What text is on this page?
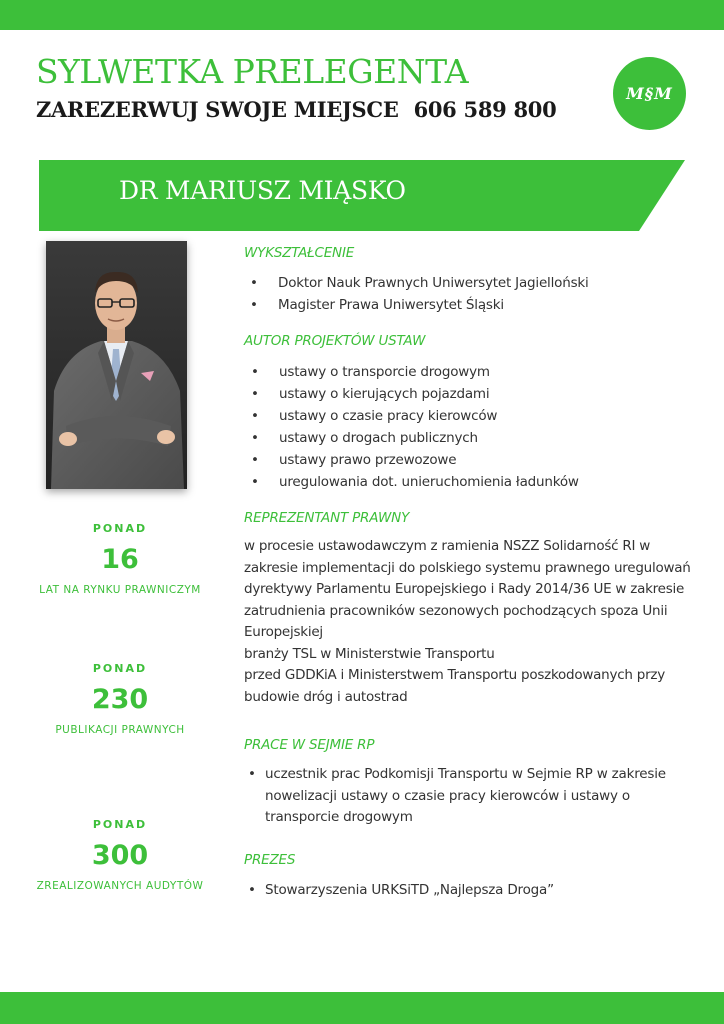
SYLWETKA PRELEGENTA
ZAREZERWUJ SWOJE MIEJSCE 606 589 800
M§M
DR MARIUSZ MIĄSKO
PONAD
16
LAT NA RYNKU PRAWNICZYM
PONAD
230
PUBLIKACJI PRAWNYCH
PONAD
300
ZREALIZOWANYCH AUDYTÓW
WYKSZTAŁCENIE
• Doktor Nauk Prawnych Uniwersytet Jagielloński
• Magister Prawa Uniwersytet Śląski
AUTOR PROJEKTÓW USTAW
• ustawy o transporcie drogowym
• ustawy o kierujących pojazdami
• ustawy o czasie pracy kierowców
• ustawy o drogach publicznych
• ustawy prawo przewozowe
• uregulowania dot. unieruchomienia ładunków
REPREZENTANT PRAWNY
w procesie ustawodawczym z ramienia NSZZ Solidarność RI w
zakresie implementacji do polskiego systemu prawnego uregulowań
dyrektywy Parlamentu Europejskiego i Rady 2014/36 UE w zakresie
zatrudnienia pracowników sezonowych pochodzących spoza Unii
Europejskiej
branży TSL w Ministerstwie Transportu
przed GDDKiA i Ministerstwem Transportu poszkodowanych przy
budowie dróg i autostrad
PRACE W SEJMIE RP
• uczestnik prac Podkomisji Transportu w Sejmie RP w zakresie
nowelizacji ustawy o czasie pracy kierowców i ustawy o
transporcie drogowym
PREZES
• Stowarzyszenia URKSiTD „Najlepsza Droga”
